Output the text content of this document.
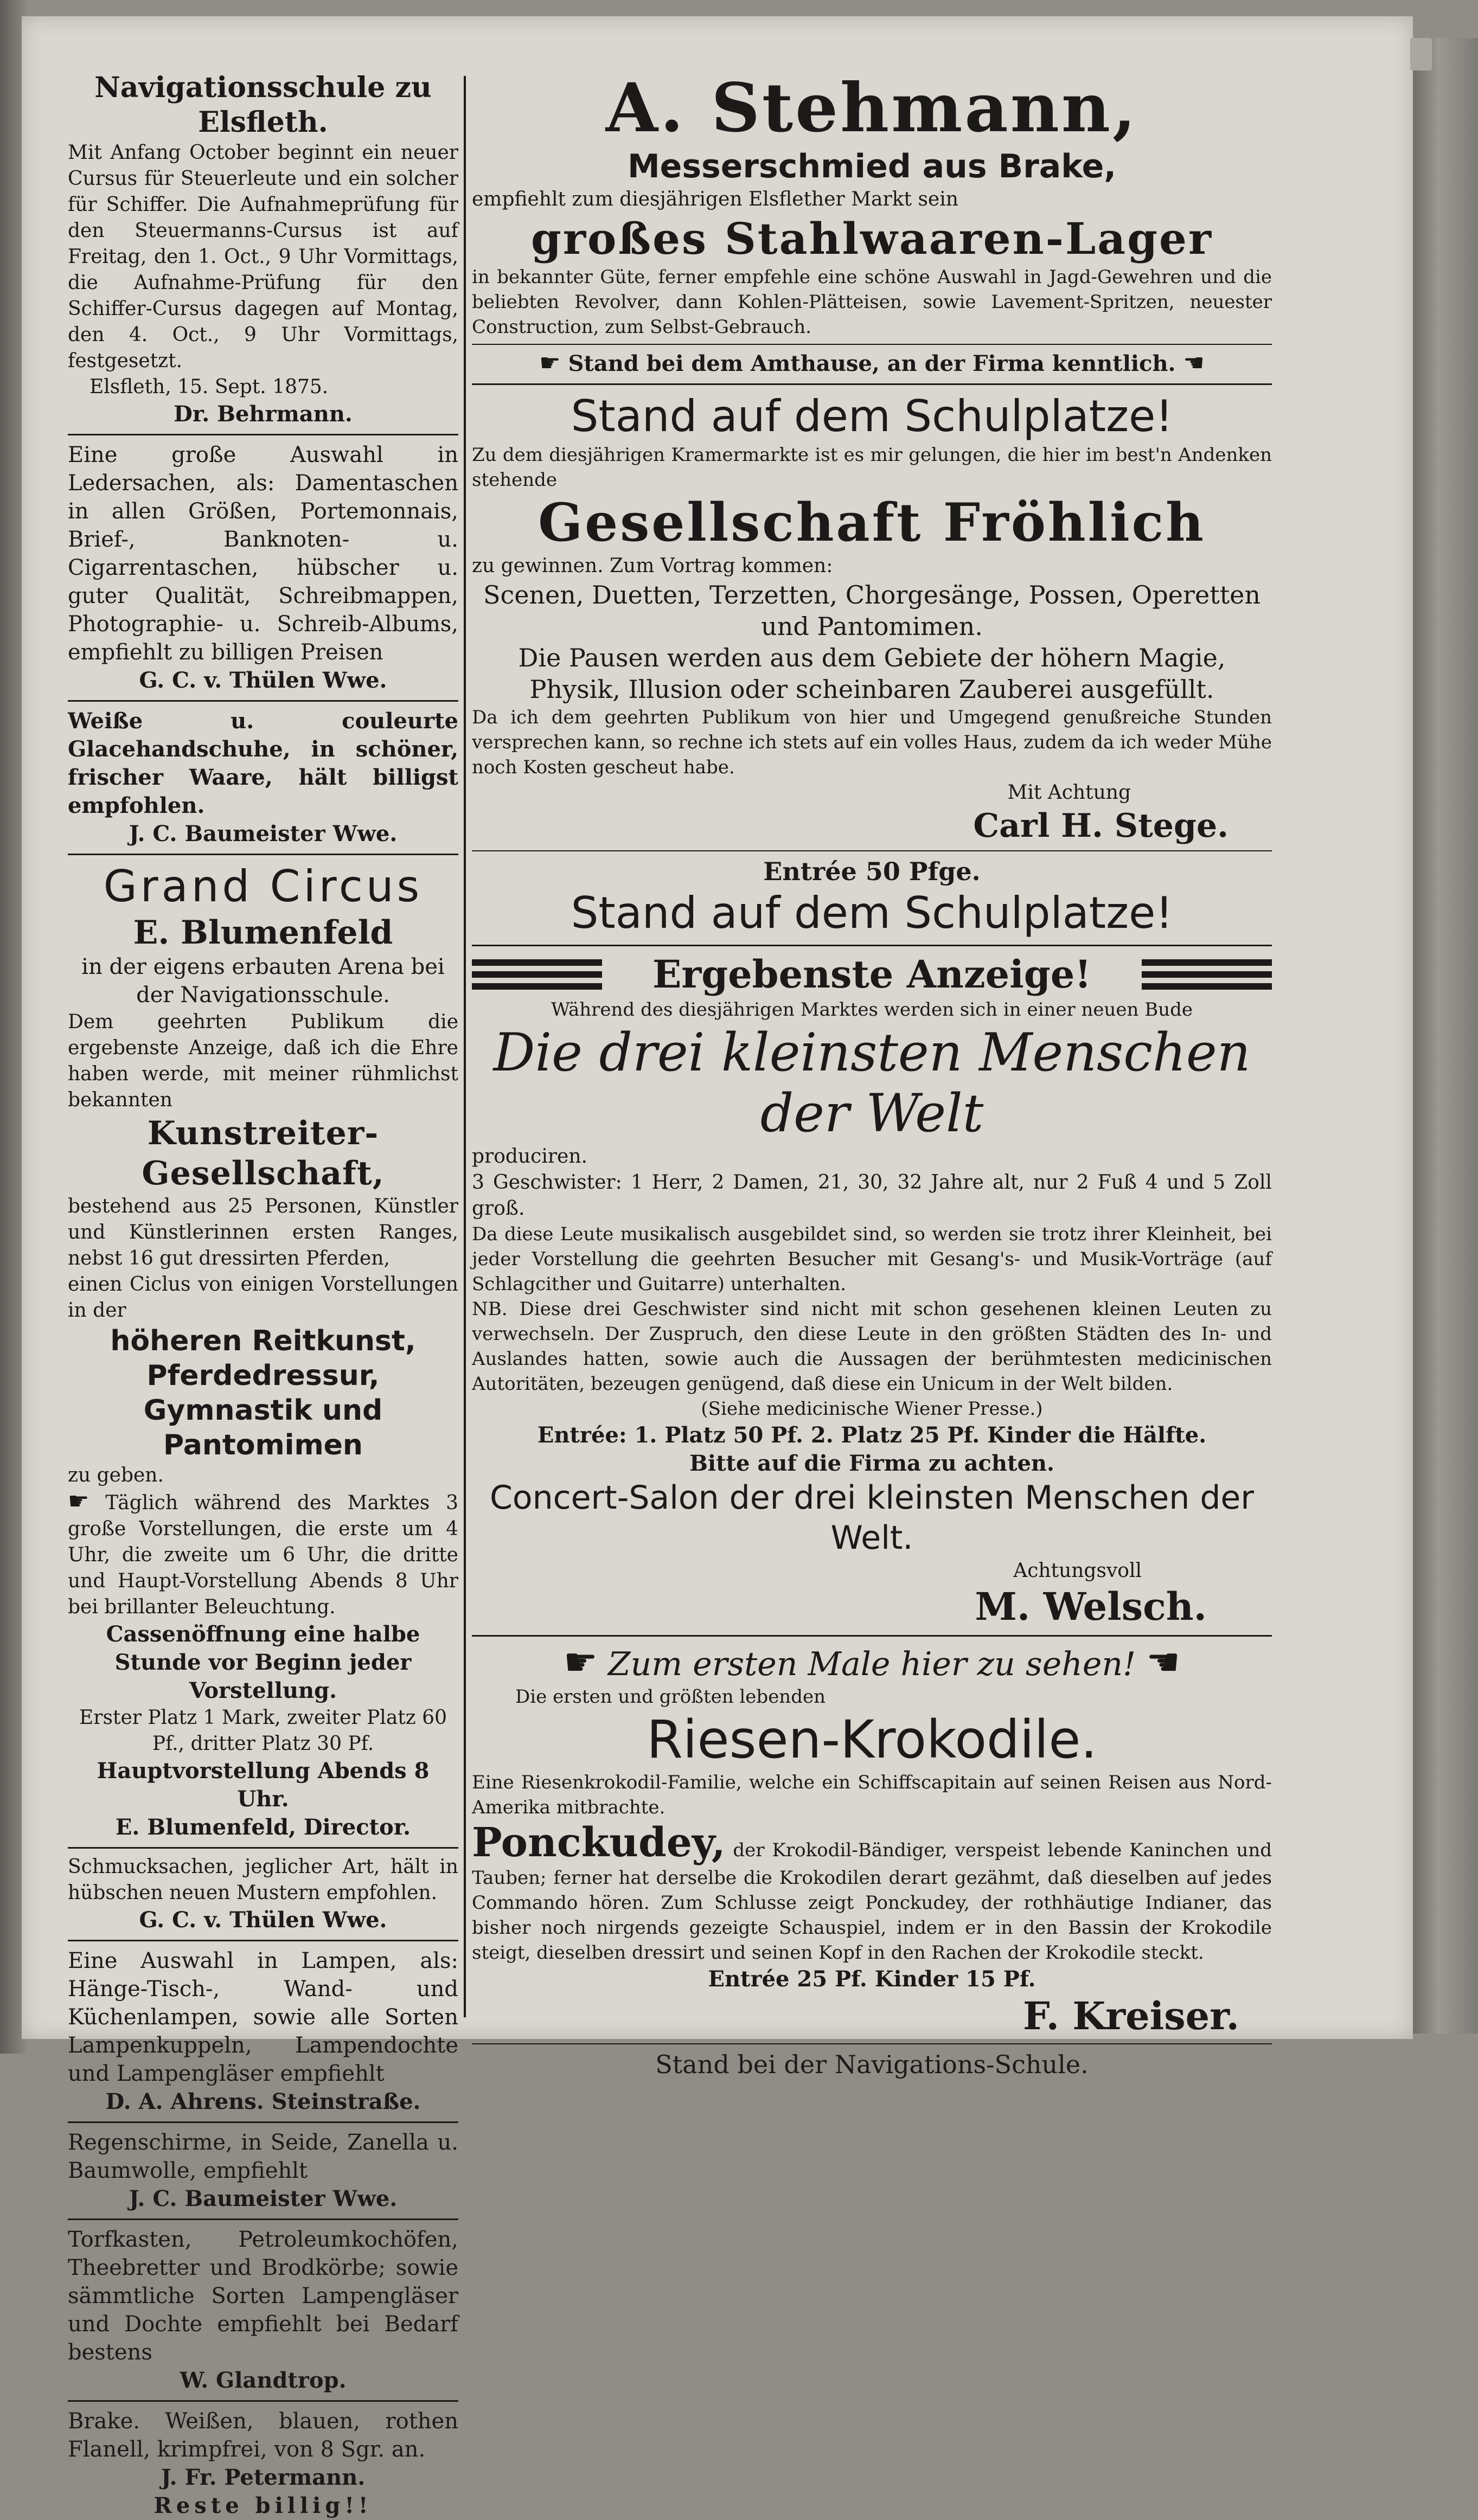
Navigationsschule zu Elsfleth.

Mit Anfang October beginnt ein neuer Cursus für Steuerleute und ein solcher für Schiffer. Die Aufnahmeprüfung für den Steuermanns-Cursus ist auf Freitag, den 1. Oct., 9 Uhr Vormittags, die Aufnahme-Prüfung für den Schiffer-Cursus dagegen auf Montag, den 4. Oct., 9 Uhr Vormittags, festgesetzt.

Elsfleth, 15. Sept. 1875.

Dr. Behrmann.

Eine große Auswahl in Ledersachen, als: Damentaschen in allen Größen, Portemonnais, Brief-, Banknoten- u. Cigarrentaschen, hübscher u. guter Qualität, Schreibmappen, Photographie- u. Schreib-Albums, empfiehlt zu billigen Preisen

G. C. v. Thülen Wwe.

Weiße u. couleurte Glacehandschuhe, in schöner, frischer Waare, hält billigst empfohlen.

J. C. Baumeister Wwe.

Grand Circus

E. Blumenfeld

in der eigens erbauten Arena bei der Navigationsschule.

Dem geehrten Publikum die ergebenste Anzeige, daß ich die Ehre haben werde, mit meiner rühmlichst bekannten

Kunstreiter-Gesellschaft,

bestehend aus 25 Personen, Künstler und Künstlerinnen ersten Ranges, nebst 16 gut dressirten Pferden,

einen Ciclus von einigen Vorstellungen in der

höheren Reitkunst, Pferdedressur, Gymnastik und Pantomimen

zu geben.

☛ Täglich während des Marktes 3 große Vorstellungen, die erste um 4 Uhr, die zweite um 6 Uhr, die dritte und Haupt-Vorstellung Abends 8 Uhr bei brillanter Beleuchtung.

Cassenöffnung eine halbe Stunde vor Beginn jeder Vorstellung.

Erster Platz 1 Mark, zweiter Platz 60 Pf., dritter Platz 30 Pf.

Hauptvorstellung Abends 8 Uhr.

E. Blumenfeld, Director.

Schmucksachen, jeglicher Art, hält in hübschen neuen Mustern empfohlen.

G. C. v. Thülen Wwe.

Eine Auswahl in Lampen, als: Hänge-Tisch-, Wand- und Küchenlampen, sowie alle Sorten Lampenkuppeln, Lampendochte und Lampengläser empfiehlt

D. A. Ahrens. Steinstraße.

Regenschirme, in Seide, Zanella u. Baumwolle, empfiehlt

J. C. Baumeister Wwe.

Torfkasten, Petroleumkochöfen, Theebretter und Brodkörbe; sowie sämmtliche Sorten Lampengläser und Dochte empfiehlt bei Bedarf bestens

W. Glandtrop.

Brake. Weißen, blauen, rothen Flanell, krimpfrei, von 8 Sgr. an.

J. Fr. Petermann.

Reste billig!!

A. Stehmann,

Messerschmied aus Brake,

empfiehlt zum diesjährigen Elsflether Markt sein

großes Stahlwaaren-Lager

in bekannter Güte, ferner empfehle eine schöne Auswahl in Jagd-Gewehren und die beliebten Revolver, dann Kohlen-Plätteisen, sowie Lavement-Spritzen, neuester Construction, zum Selbst-Gebrauch.

☛ Stand bei dem Amthause, an der Firma kenntlich. ☚

Stand auf dem Schulplatze!

Zu dem diesjährigen Kramermarkte ist es mir gelungen, die hier im best'n Andenken stehende

Gesellschaft Fröhlich

zu gewinnen. Zum Vortrag kommen:

Scenen, Duetten, Terzetten, Chorgesänge, Possen, Operetten und Pantomimen.

Die Pausen werden aus dem Gebiete der höhern Magie, Physik, Illusion oder scheinbaren Zauberei ausgefüllt.

Da ich dem geehrten Publikum von hier und Umgegend genußreiche Stunden versprechen kann, so rechne ich stets auf ein volles Haus, zudem da ich weder Mühe noch Kosten gescheut habe.

Mit Achtung

Carl H. Stege.

Entrée 50 Pfge.

Stand auf dem Schulplatze!

Ergebenste Anzeige!

Während des diesjährigen Marktes werden sich in einer neuen Bude

Die drei kleinsten Menschen der Welt

produciren.

3 Geschwister: 1 Herr, 2 Damen, 21, 30, 32 Jahre alt, nur 2 Fuß 4 und 5 Zoll groß.

Da diese Leute musikalisch ausgebildet sind, so werden sie trotz ihrer Kleinheit, bei jeder Vorstellung die geehrten Besucher mit Gesang's- und Musik-Vorträge (auf Schlagcither und Guitarre) unterhalten.

NB. Diese drei Geschwister sind nicht mit schon gesehenen kleinen Leuten zu verwechseln. Der Zuspruch, den diese Leute in den größten Städten des In- und Auslandes hatten, sowie auch die Aussagen der berühmtesten medicinischen Autoritäten, bezeugen genügend, daß diese ein Unicum in der Welt bilden.

(Siehe medicinische Wiener Presse.)

Entrée: 1. Platz 50 Pf. 2. Platz 25 Pf. Kinder die Hälfte.

Bitte auf die Firma zu achten.

Concert-Salon der drei kleinsten Menschen der Welt.

Achtungsvoll

M. Welsch.

☛ Zum ersten Male hier zu sehen! ☚

Die ersten und größten lebenden

Riesen-Krokodile.

Eine Riesenkrokodil-Familie, welche ein Schiffscapitain auf seinen Reisen aus Nord-Amerika mitbrachte.

Ponckudey, der Krokodil-Bändiger, verspeist lebende Kaninchen und Tauben; ferner hat derselbe die Krokodilen derart gezähmt, daß dieselben auf jedes Commando hören. Zum Schlusse zeigt Ponckudey, der rothhäutige Indianer, das bisher noch nirgends gezeigte Schauspiel, indem er in den Bassin der Krokodile steigt, dieselben dressirt und seinen Kopf in den Rachen der Krokodile steckt.

Entrée 25 Pf. Kinder 15 Pf.

F. Kreiser.

Stand bei der Navigations-Schule.
